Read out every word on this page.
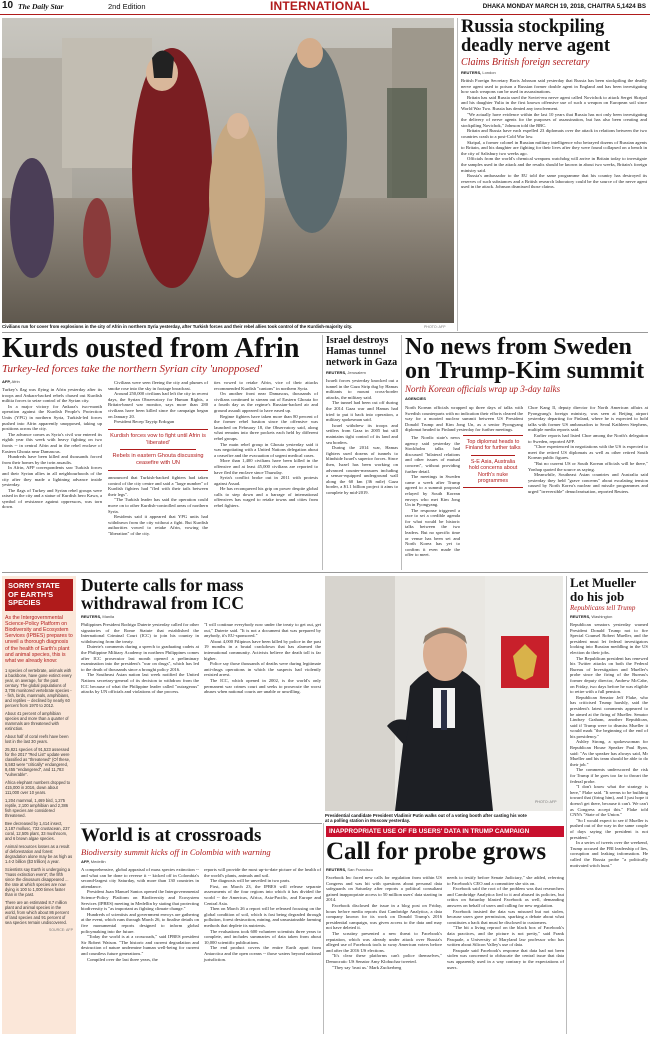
10 The Daily Star	2nd Edition	INTERNATIONAL	DHAKA MONDAY MARCH 19, 2018, CHAITRA 5,1424 BS
Civilians run for cover from explosions in the city of Afrin in northern Syria yesterday, after Turkish forces and their rebel allies took control of the Kurdish-majority city.	PHOTO: AFP
Russia stockpiling deadly nerve agent
Claims British foreign secretary
REUTERS, London

British Foreign Secretary Boris Johnson said yesterday that Russia has been stockpiling the deadly nerve agent used to poison a Russian former double agent in England and has been investigating how such weapons can be used in assassinations.

Britain has said Russia used the Soviet-era nerve agent called Novichok to attack Sergei Skripal and his daughter Yulia in the first known offensive use of such a weapon on European soil since World War Two. Russia has denied any involvement.

"We actually have evidence within the last 10 years that Russia has not only been investigating the delivery of nerve agents for the purposes of assassination, but has also been creating and stockpiling Novichok," Johnson told the BBC.

Britain and Russia have each expelled 23 diplomats over the attack in relations between the two countries crash to a post-Cold War low.

Skripal, a former colonel in Russian military intelligence who betrayed dozens of Russian agents to Britain, and his daughter are fighting for their lives after they were found collapsed on a bench in the city of Salisbury two weeks ago.

Officials from the world's chemical weapons watchdog will arrive in Britain today to investigate the samples used in the attack and the results should be known in about two weeks, Britain's foreign ministry said.

Russia's ambassador to the EU told the same programme that his country has destroyed its reserves of such substances and a British research laboratory could be the source of the nerve agent used in the attack. Johnson dismissed those claims.

Kurds ousted from Afrin
Turkey-led forces take the northern Syrian city 'unopposed'
AFP, Afrin

Turkey's flag was flying in Afrin yesterday after its troops and Ankara-backed rebels chased out Kurdish militia forces to seize control of the Syrian city.

In a major victory for Ankara's two-month operation against the Kurdish People's Protection Units (YPG) in northern Syria, Turkish-led forces pushed into Afrin apparently unopposed, taking up positions across the city.

The advance comes as Syria's civil war entered its eighth year this week with heavy fighting on two fronts -- in central Afrin and in the rebel enclave of Eastern Ghouta near Damascus.

Hundreds have been killed and thousands forced from their homes by the twin assaults.

In Afrin, AFP correspondents saw Turkish forces and their Syrian allies in all neighbourhoods of the city after they made a lightning advance inside yesterday.

The flags of Turkey and Syrian rebel groups were raised in the city and a statue of Kurdish hero Kawa, a symbol of resistance against oppressors, was torn down.

Civilians were seen fleeing the city and plumes of smoke rose into the sky in footage broadcast.

Around 250,000 civilians had left the city in recent days, the Syrian Observatory for Human Rights, a Britain-based war monitor, says more than 280 civilians have been killed since the campaign began on January 20.

President Recep Tayyip Erdogan

Kurdish forces vow to fight until Afrin is 'liberated'
Rebels in eastern Ghouta discussing ceasefire with UN

announced that Turkish-backed fighters had taken control of the city centre and said a "large number" of Kurdish fighters had "fled with their tails between their legs".

"The Turkish leader has said the operation could move on to other Kurdish-controlled areas of northern Syria.

Residents said it appeared that YPG units had withdrawn from the city without a fight. But Kurdish authorities vowed to retake Afrin, vowing the "liberation" of the city.

ties vowed to retake Afrin, vice of their attacks recommended Kurdish "cantons" in northern Syria.

On another front near Damascus, thousands of civilians continued to stream out of Eastern Ghouta for a fourth day as the regime's Russian-backed air and ground assault appeared to have eased up.

Regime fighters have taken more than 80 percent of the former rebel bastion since the offensive was launched on February 18, the Observatory said, along what remains into three pockets each held by different rebel groups.

The main rebel group in Ghouta yesterday said it was negotiating with a United Nations delegation about a ceasefire and the evacuation of urgent medical cases.

More than 1,400 civilians have been killed in the offensive and at least 45,000 civilians are reported to have fled the enclave since Thursday.

Syria's conflict broke out in 2011 with protests against Assad.

He has reconquered his grip on power despite global calls to step down and a barrage of international offensives has waged to retake towns and cities from rebel fighters.

Israel destroys Hamas tunnel network in Gaza
REUTERS, Jerusalem

Israeli forces yesterday knocked out a tunnel in the Gaza Strip dug by Hamas militants to mount cross-border attacks, the military said.

The tunnel had been cut off during the 2014 Gaza war and Hamas had tried to put it back into operation, a military spokesman said.

Israel withdrew its troops and settlers from Gaza in 2005 but still maintains tight control of its land and sea borders.

During the 2014 war, Hamas fighters used dozens of tunnels to blindside Israel's superior forces. Since then, Israel has been working on advanced counter-measures including a sensor-equipped underground wall along the 60 km (36 mile) Gaza border, a $1.1 billion project it aims to complete by mid-2019.

No news from Sweden on Trump-Kim summit
North Korean officials wrap up 3-day talks
AGENCIES

North Korean officials wrapped up three days of talks with Swedish counterparts with no indication their efforts cleared the way for a mooted nuclear summit between US President Donald Trump and Kim Jong Un, as a senior Pyongyang diplomat headed to Finland yesterday for further meetings.

The Nordic state's news agency said yesterday the Stockholm talks had discussed "bilateral relations and other issues of mutual concern", without providing further detail.

The meetings in Sweden came a week after Trump agreed to a summit proposal relayed by South Korean envoys who met Kim Jong Un in Pyongyang.

The response triggered a race to set a credible agenda for what would be historic talks between the two leaders. But no specific time or venue has been set and North Korea has yet to confirm it even made the offer to meet.

Top diplomat heads to Finland for further talks
S-E Asia, Australia hold concerns about North's nuke programmes

Choe Kang Il, deputy director for North American affairs at Pyongyang's foreign ministry, was seen at Beijing airport yesterday departing for Finland, where he is expected to hold talks with former US ambassadors to Seoul Kathleen Stephens, multiple media reports said.

Earlier reports had listed Choe among the North's delegation to Sweden, reported AFP.

"Choe experienced in negotiations with the US is expected to meet the retired US diplomats as well as other retired South Korean public figures.

"But no current US or South Korean officials will be there," Yonhap quoted the source as saying.

Meanwhile, Southeast Asian countries and Australia said yesterday they held "grave concerns" about escalating tension caused by North Korea's nuclear and missile programmes and urged "irreversible" denuclearisation, reported Reuters.

SORRY STATE OF EARTH'S SPECIES
As the Intergovernmental Science-Policy Platform on Biodiversity and Ecosystem Services (IPBES) prepares to unveil a thorough diagnosis of the health of Earth's plant and animal species, this is what we already know:
1 species of vertebrate, animals with a backbone, have gone extinct every year, on average, for the past century. The global populations of 3,706 monitored vertebrate species -- fish, birds, mammals, amphibians, and reptiles -- declined by nearly 60 percent from 1970 to 2012.
About 41 percent of amphibian species and more than a quarter of mammals are threatened with extinction.
About half of coral reefs have been lost in the last 30 years.
25,821 species of 91,523 assessed for the 2017 "Red List" update were classified as "threatened" (Of these, 5,583 were "critically" endangered, 8,455 "endangered", and 11,783 "vulnerable".
Africa elephant numbers dropped to 415,000 in 2016, down about 111,000 over 10 years.
1,204 mammal, 1,469 bird, 1,275 reptile, 2,100 amphibian and 2,386 fish species are considered threatened.
Bee decreased by 1,414 insect, 2,187 mollusc, 732 crustacean, 237 coral, 12,505 plant, 33 mushroom, and 6 brown algae species.
Animal resources losses as a result of deforestation and forest degradation alone may be as high as 1.4-2 billion ($3 trillion) a year.
Scientists say Earth is undergoing a "mass extinction event", the fifth since the dinosaurs disappeared ... the rate at which species are now dying is 100 to 1,000 times faster than in the past.
There are an estimated 8.7 million plant and animal species in the world, from which about 86 percent of land species and 91 percent of sea species remain undiscovered.
SOURCE: AFP
Duterte calls for mass withdrawal from ICC
REUTERS, Manila

Philippines President Rodrigo Duterte yesterday called for other signatories of the Rome Statute that established the International Criminal Court (ICC) to join his country in withdrawing from the treaty.

Duterte's comments during a speech to graduating cadets at the Philippine Military Academy in northern Philippines comes after ICC prosecutor last month opened a preliminary examination into the president's "war on drugs", which has led to the death of thousands since a brought policy 2016.

The Southeast Asian nation last week notified the United Nations secretary-general of its decision to withdraw from the ICC because of what the Philippine leader called "outrageous" attacks by UN officials and violations of due process.

"I will continue everybody now under the treaty to get out, get out," Duterte said. "It is not a document that was prepared by anybody, it's EU-sponsored."

About 4,000 Filipinos have been killed by police in the past 19 months in a brutal crackdown that has alarmed the international community. Activists believe the death toll is far higher.

Police say those thousands of deaths were during legitimate anti-drugs operations in which the suspects had violently resisted arrest.

The ICC, which opened in 2002, is the world's only permanent war crimes court and seeks to prosecute the worst abuses when national courts are unable or unwilling.

Presidential candidate President Vladimir Putin walks out of a voting booth after casting his vote at a polling station in Moscow yesterday.
PHOTO: AFP
Let Mueller do his job
Republicans tell Trump
REUTERS, Washington

Republican senators yesterday warned President Donald Trump not to fire Special Counsel Robert Mueller, and the president must let federal investigators looking into Russian meddling in the US election do their jobs.

The Republican president has renewed his Twitter attacks on both the Federal Bureau of Investigation and Mueller's probe since the firing of the Bureau's former deputy director, Andrew McCabe, on Friday, two days before he was eligible to retire with a full pension.

Republican Senator Jeff Flake, who has criticised Trump harshly, said the president's latest comments appeared to be aimed at the firing of Mueller. Senator Lindsey Graham, another Republican, said if Trump were to dismiss Mueller it would mark "the beginning of the end of his presidency."

Ashley Strong, a spokeswoman for Republican House Speaker Paul Ryan, said: "As the speaker has always said, Mr Mueller and his team should be able to do their job."

The comments underscored the risk for Trump if he goes too far to thwart the federal probe.

"I don't know what the strategy is here," Flake said. "It seems to be building toward that (firing him), and I just hope it doesn't get there, because it can't. We can't as Congress accept this." Flake told CNN's "State of the Union."

"So I would expect to see if Mueller is pushed out of the way in the same couple of days saying the president is not president."

In a series of tweets over the weekend, Trump accused the FBI leadership of lies, corruption and leaking information. He called the Russia probe "a politically motivated witch hunt."

World is at crossroads
Biodiversity summit kicks off in Colombia with warning
AFP, Medellin

A comprehensive, global appraisal of mass species extinction -- and what can be done to reverse it -- kicked off in Colombia's second-largest city Saturday, with more than 130 countries in attendance.

President Juan Manuel Santos opened the Intergovernmental Science-Policy Platform on Biodiversity and Ecosystem Services (IPBES) meeting in Medellin by stating that protecting biodiversity is "as important as fighting climate change."

Hundreds of scientists and government envoys are gathering at the event, which runs through March 26, to finalise details on five monumental reports designed to inform global policymaking into the future.

"Today the world is at a crossroads," said IPBES president Sir Robert Watson. "The historic and current degradation and destruction of nature undermine human well-being for current and countless future generations."

Compiled over the last three years, the

reports will provide the most up-to-date picture of the health of the world's plants, animals and soil.

The diagnosis will be unveiled in two parts.

First, on March 23, the IPBES will release separate assessments of the four regions into which it has divided the world -- the Americas, Africa, Asia-Pacific, and Europe and Central Asia.

Then on March 26 a report will be released focusing on the global condition of soil, which is fast being degraded through pollution, forest destruction, mining, and unsustainable farming methods that deplete its nutrients.

The evaluations took 600 volunteer scientists three years to complete, and includes summaries of data taken from about 10,000 scientific publications.

The end product covers the entire Earth apart from Antarctica and the open oceans -- those waters beyond national jurisdiction.

INAPPROPRIATE USE OF FB USERS' DATA IN TRUMP CAMPAIGN
Call for probe grows
REUTERS, San Francisco

Facebook Inc faced new calls for regulation from within US Congress and was hit with questions about personal data safeguards on Saturday after reports a political consultant gained inappropriate access to 50 million users' data starting in 2014.

Facebook disclosed the issue in a blog post on Friday, hours before media reports that Cambridge Analytica, a data company known for its work on Donald Trump's 2016 presidential campaign, was given access to the data and may not have deleted it.

The scrutiny presented a new threat to Facebook's reputation, which was already under attack over Russia's alleged use of Facebook tools to sway American voters before and after the 2016 US elections.

"It's clear these platforms can't police themselves," Democratic US Senator Amy Klobuchar tweeted.

"They say 'trust us.' Mark Zuckerberg

needs to testify before Senate Judiciary," she added, referring to Facebook's CEO and a committee she sits on.

Facebook said the root of the problem was that researchers and Cambridge Analytica lied to it and abused its policies, but critics on Saturday blasted Facebook as well, demanding answers on behalf of users and calling for new regulation.

Facebook insisted the data was misused but not stolen, because users gave permission, sparking a debate about what constitutes a hack that must be disclosed to customers.

"The bit a living reproof on the black box of Facebook's data practices, and the picture is not pretty," said Frank Pasquale, a University of Maryland law professor who has written about Silicon Valley's use of data.

Pasquale said Facebook's response that data had not been stolen was concerned to obfuscate the central issue that data was apparently used in a way contrary to the expectations of users.
